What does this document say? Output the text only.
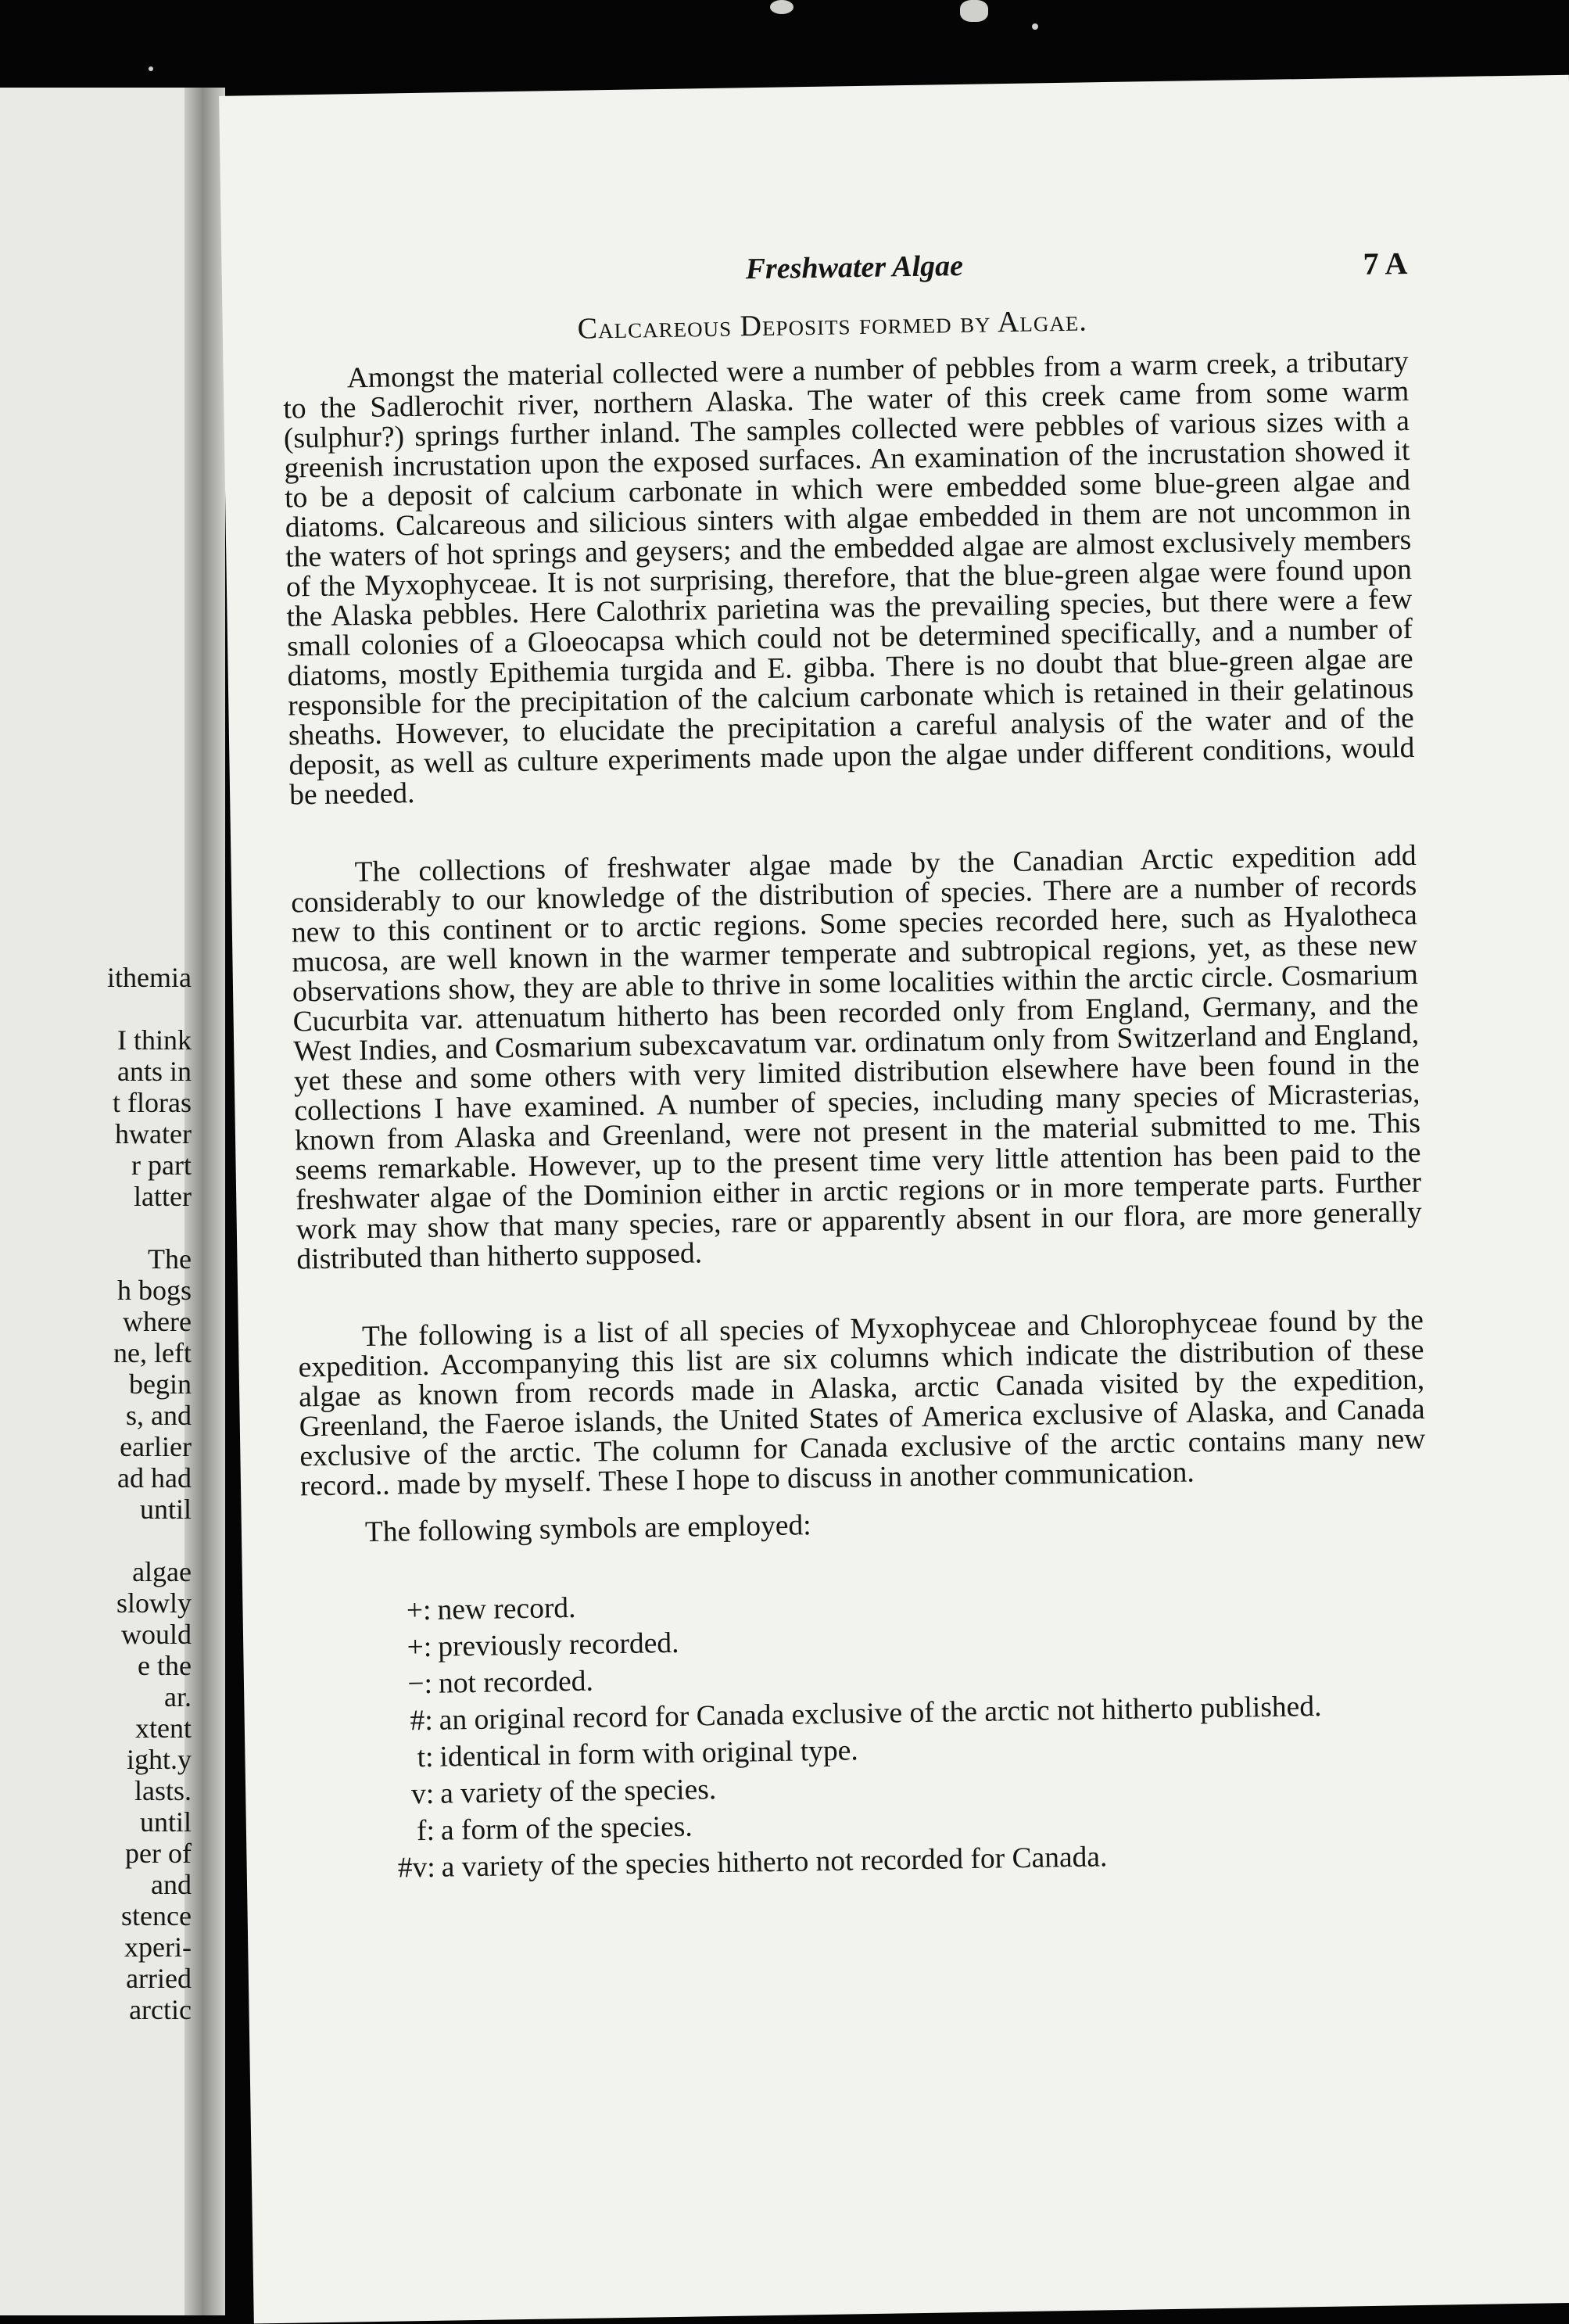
ithemia
I think
ants in
t floras
hwater
r part
latter
The
h bogs
where
ne, left
begin
s, and
earlier
ad had
until
algae
slowly
would
e the
ar.
xtent
ight.y
lasts.
until
per of
and
stence
xperi-
arried
arctic
Freshwater Algae	7 A
Calcareous Deposits formed by Algae.

Amongst the material collected were a number of pebbles from a warm creek, a tributary to the Sadlerochit river, northern Alaska. The water of this creek came from some warm (sulphur?) springs further inland. The samples collected were pebbles of various sizes with a greenish incrustation upon the exposed surfaces. An examination of the incrustation showed it to be a deposit of calcium carbonate in which were embedded some blue-green algae and diatoms. Calcareous and silicious sinters with algae embedded in them are not uncommon in the waters of hot springs and geysers; and the embedded algae are almost exclusively members of the Myxophyceae. It is not surprising, therefore, that the blue-green algae were found upon the Alaska pebbles. Here Calothrix parietina was the prevailing species, but there were a few small colonies of a Gloeocapsa which could not be determined specifically, and a number of diatoms, mostly Epithemia turgida and E. gibba. There is no doubt that blue-green algae are responsible for the precipitation of the calcium carbonate which is retained in their gelatinous sheaths. However, to elucidate the precipitation a careful analysis of the water and of the deposit, as well as culture experiments made upon the algae under different conditions, would be needed.

The collections of freshwater algae made by the Canadian Arctic expedition add considerably to our knowledge of the distribution of species. There are a number of records new to this continent or to arctic regions. Some species recorded here, such as Hyalotheca mucosa, are well known in the warmer temperate and subtropical regions, yet, as these new observations show, they are able to thrive in some localities within the arctic circle. Cosmarium Cucurbita var. attenuatum hitherto has been recorded only from England, Germany, and the West Indies, and Cosmarium subexcavatum var. ordinatum only from Switzerland and England, yet these and some others with very limited distribution elsewhere have been found in the collections I have examined. A number of species, including many species of Micrasterias, known from Alaska and Greenland, were not present in the material submitted to me. This seems remarkable. However, up to the present time very little attention has been paid to the freshwater algae of the Dominion either in arctic regions or in more temperate parts. Further work may show that many species, rare or apparently absent in our flora, are more generally distributed than hitherto supposed.

The following is a list of all species of Myxophyceae and Chlorophyceae found by the expedition. Accompanying this list are six columns which indicate the distribution of these algae as known from records made in Alaska, arctic Canada visited by the expedition, Greenland, the Faeroe islands, the United States of America exclusive of Alaska, and Canada exclusive of the arctic. The column for Canada exclusive of the arctic contains many new record.. made by myself. These I hope to discuss in another communication.

The following symbols are employed:

+: new record.
+: previously recorded.
−: not recorded.
#: an original record for Canada exclusive of the arctic not hitherto published.
t: identical in form with original type.
v: a variety of the species.
f: a form of the species.
#v: a variety of the species hitherto not recorded for Canada.
